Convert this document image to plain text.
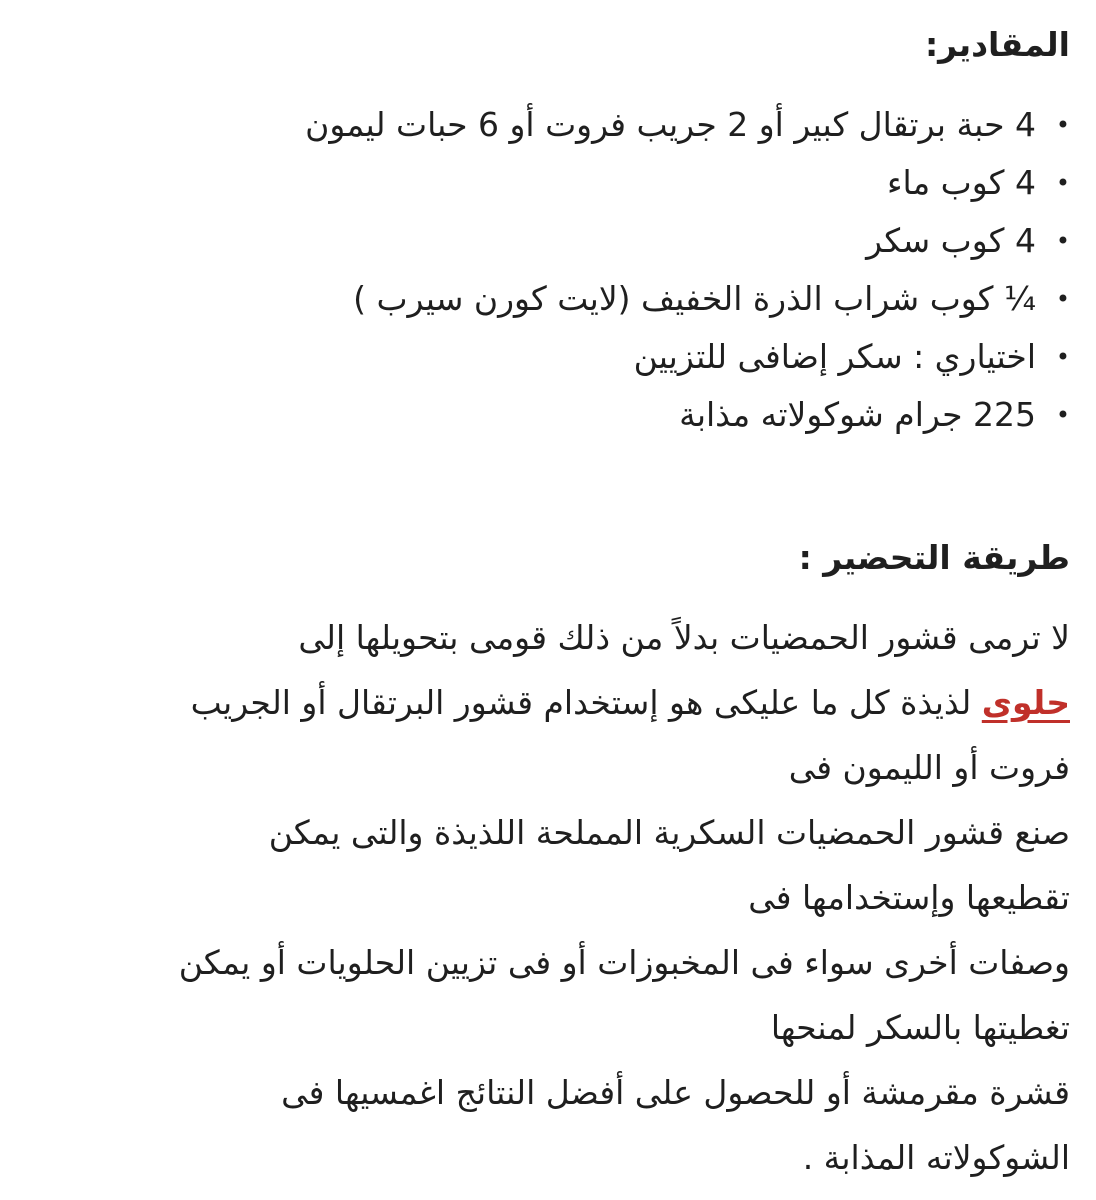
المقادير:
•
4 حبة برتقال كبير أو 2 جريب فروت أو 6 حبات ليمون
•
4 كوب ماء
•
4 كوب سكر
•
¼ كوب شراب الذرة الخفيف (لايت كورن سيرب )
•
اختياري : سكر إضافى للتزيين
•
225 جرام شوكولاته مذابة
طريقة التحضير :
لا ترمى قشور الحمضيات بدلاً من ذلك قومى بتحويلها إلى
حلوى لذيذة كل ما عليكى هو إستخدام قشور البرتقال أو الجريب
فروت أو الليمون فى
صنع قشور الحمضيات السكرية المملحة اللذيذة والتى يمكن
تقطيعها وإستخدامها فى
وصفات أخرى سواء فى المخبوزات أو فى تزيين الحلويات أو يمكن
تغطيتها بالسكر لمنحها
قشرة مقرمشة أو للحصول على أفضل النتائج اغمسيها فى
الشوكولاته المذابة .
